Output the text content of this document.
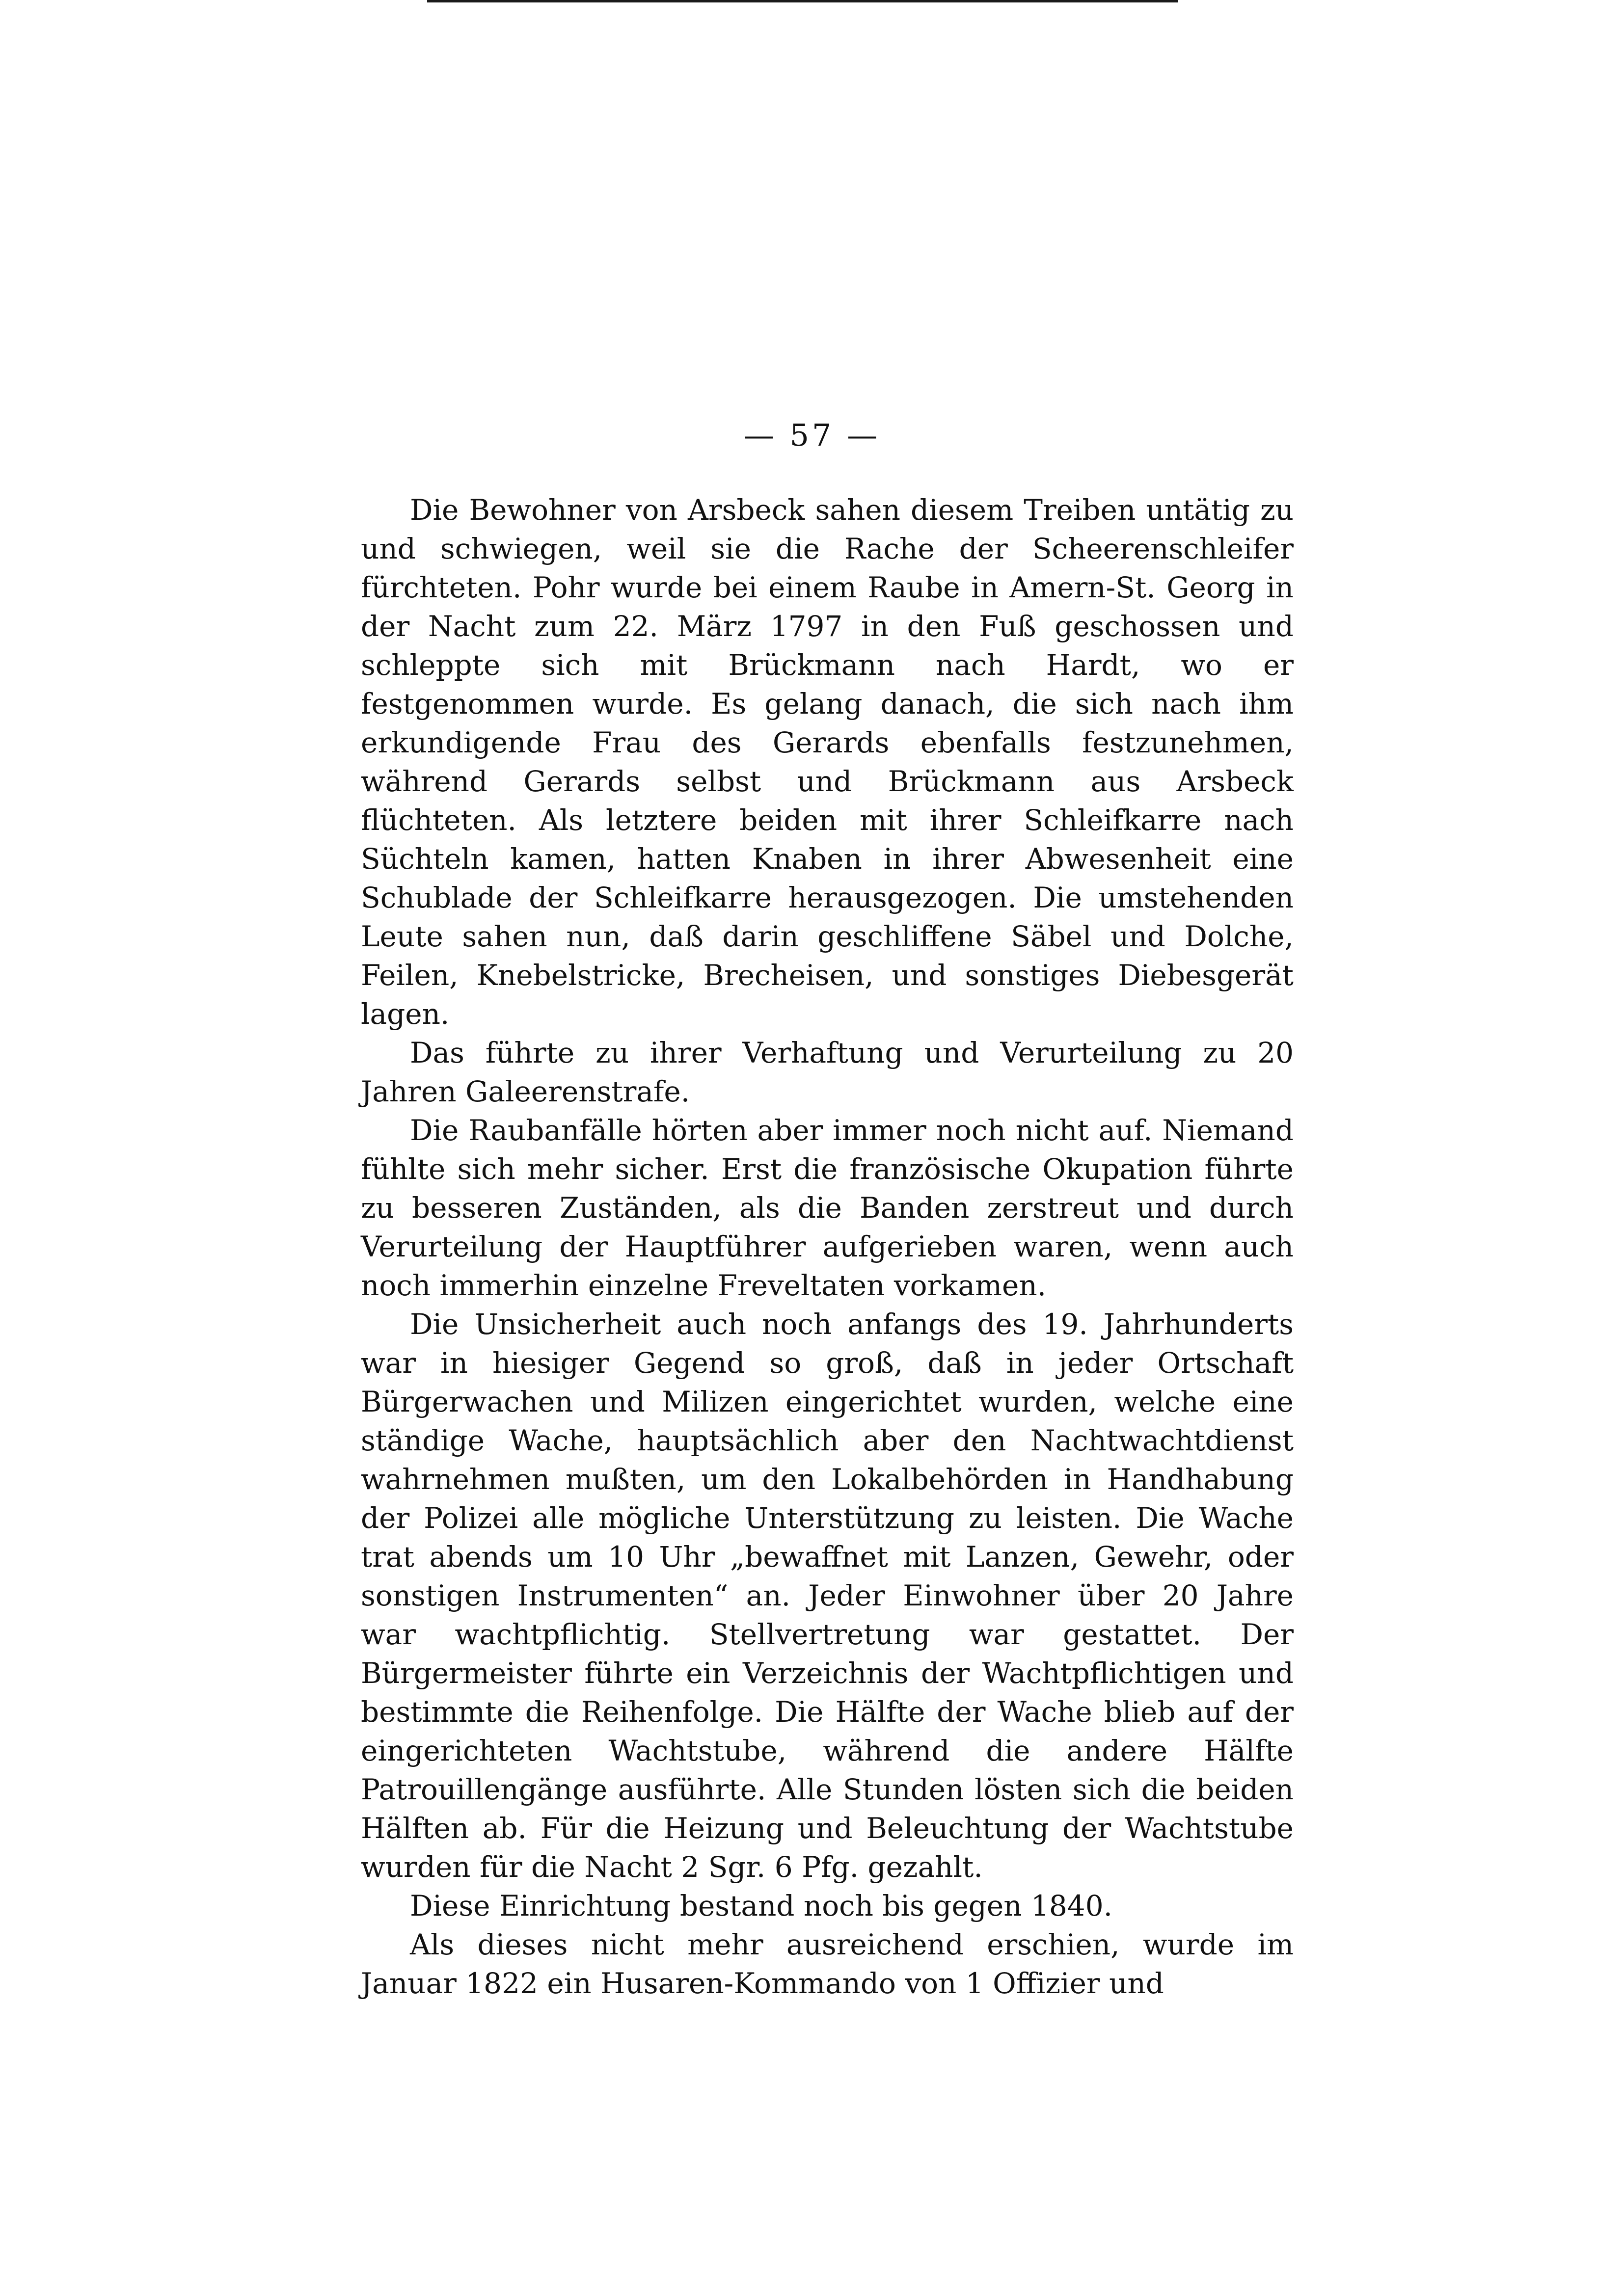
— 57 —

Die Bewohner von Arsbeck sahen diesem Treiben untätig zu und schwiegen, weil sie die Rache der Scheerenschleifer fürchteten. Pohr wurde bei einem Raube in Amern-St. Georg in der Nacht zum 22. März 1797 in den Fuß geschossen und schleppte sich mit Brückmann nach Hardt, wo er festgenommen wurde. Es gelang danach, die sich nach ihm erkundigende Frau des Gerards ebenfalls festzunehmen, während Gerards selbst und Brückmann aus Arsbeck flüchteten. Als letztere beiden mit ihrer Schleifkarre nach Süchteln kamen, hatten Knaben in ihrer Abwesenheit eine Schublade der Schleifkarre herausgezogen. Die umstehenden Leute sahen nun, daß darin geschliffene Säbel und Dolche, Feilen, Knebelstricke, Brecheisen, und sonstiges Diebesgerät lagen.

Das führte zu ihrer Verhaftung und Verurteilung zu 20 Jahren Galeerenstrafe.

Die Raubanfälle hörten aber immer noch nicht auf. Niemand fühlte sich mehr sicher. Erst die französische Okupation führte zu besseren Zuständen, als die Banden zerstreut und durch Verurteilung der Hauptführer aufgerieben waren, wenn auch noch immerhin einzelne Freveltaten vorkamen.

Die Unsicherheit auch noch anfangs des 19. Jahrhunderts war in hiesiger Gegend so groß, daß in jeder Ortschaft Bürgerwachen und Milizen eingerichtet wurden, welche eine ständige Wache, hauptsächlich aber den Nachtwachtdienst wahrnehmen mußten, um den Lokalbehörden in Handhabung der Polizei alle mögliche Unterstützung zu leisten. Die Wache trat abends um 10 Uhr „bewaffnet mit Lanzen, Gewehr, oder sonstigen Instrumenten“ an. Jeder Einwohner über 20 Jahre war wachtpflichtig. Stellvertretung war gestattet. Der Bürgermeister führte ein Verzeichnis der Wachtpflichtigen und bestimmte die Reihenfolge. Die Hälfte der Wache blieb auf der eingerichteten Wachtstube, während die andere Hälfte Patrouillengänge ausführte. Alle Stunden lösten sich die beiden Hälften ab. Für die Heizung und Beleuchtung der Wachtstube wurden für die Nacht 2 Sgr. 6 Pfg. gezahlt.

Diese Einrichtung bestand noch bis gegen 1840.

Als dieses nicht mehr ausreichend erschien, wurde im Januar 1822 ein Husaren-Kommando von 1 Offizier und
